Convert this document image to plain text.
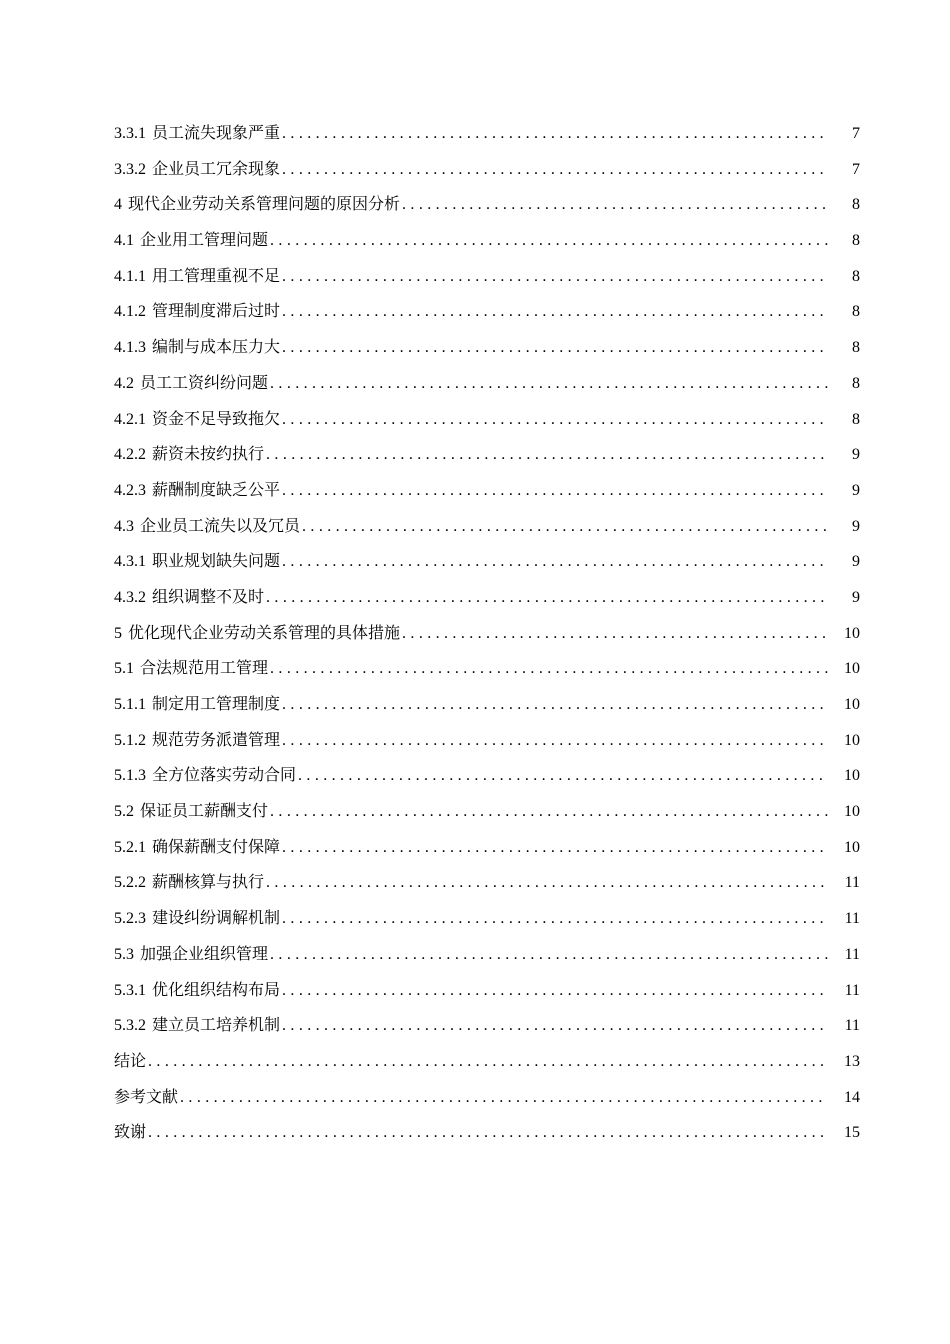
3.3.1 员工流失现象严重 .....	7
3.3.2 企业员工冗余现象 .....	7
4 现代企业劳动关系管理问题的原因分析 .....	8
4.1 企业用工管理问题 .....	8
4.1.1 用工管理重视不足 .....	8
4.1.2 管理制度滞后过时 .....	8
4.1.3 编制与成本压力大 .....	8
4.2 员工工资纠纷问题 .....	8
4.2.1 资金不足导致拖欠 .....	8
4.2.2 薪资未按约执行 .....	9
4.2.3 薪酬制度缺乏公平 .....	9
4.3 企业员工流失以及冗员 .....	9
4.3.1 职业规划缺失问题 .....	9
4.3.2 组织调整不及时 .....	9
5 优化现代企业劳动关系管理的具体措施 .....	10
5.1 合法规范用工管理 .....	10
5.1.1 制定用工管理制度 .....	10
5.1.2 规范劳务派遣管理 .....	10
5.1.3 全方位落实劳动合同 .....	10
5.2 保证员工薪酬支付 .....	10
5.2.1 确保薪酬支付保障 .....	10
5.2.2 薪酬核算与执行 .....	11
5.2.3 建设纠纷调解机制 .....	11
5.3 加强企业组织管理 .....	11
5.3.1 优化组织结构布局 .....	11
5.3.2 建立员工培养机制 .....	11
结论 .....	13
参考文献 .....	14
致谢 .....	15
